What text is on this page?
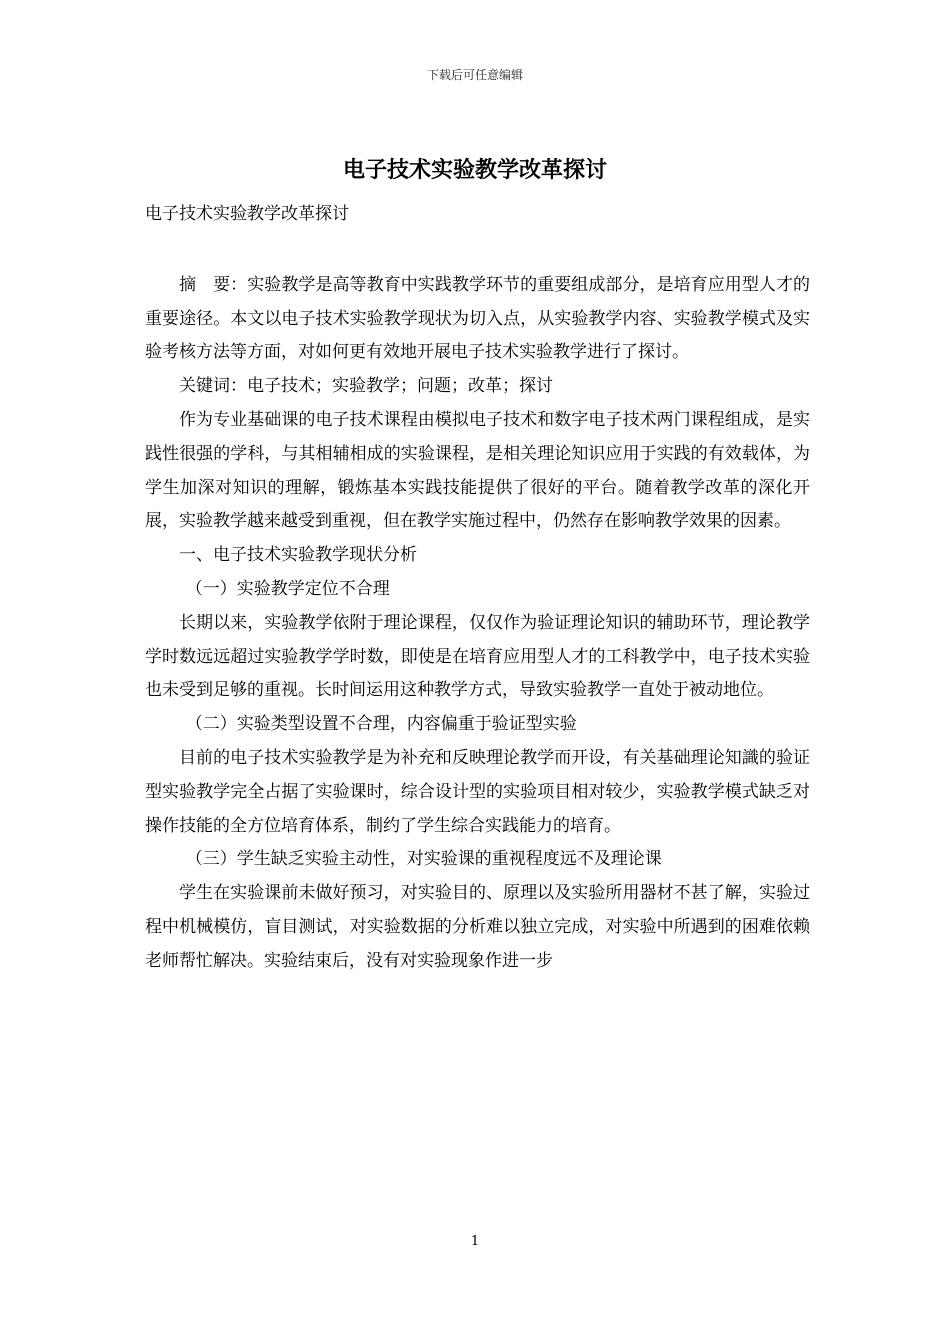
下载后可任意编辑
电子技术实验教学改革探讨

电子技术实验教学改革探讨

摘　要：实验教学是高等教育中实践教学环节的重要组成部分，是培育应用型人才的重要途径。本文以电子技术实验教学现状为切入点，从实验教学内容、实验教学模式及实验考核方法等方面，对如何更有效地开展电子技术实验教学进行了探讨。

关键词：电子技术；实验教学；问题；改革；探讨

作为专业基础课的电子技术课程由模拟电子技术和数字电子技术两门课程组成，是实践性很强的学科，与其相辅相成的实验课程，是相关理论知识应用于实践的有效载体，为学生加深对知识的理解，锻炼基本实践技能提供了很好的平台。随着教学改革的深化开展，实验教学越来越受到重视，但在教学实施过程中，仍然存在影响教学效果的因素。

一、电子技术实验教学现状分析

（一）实验教学定位不合理

长期以来，实验教学依附于理论课程，仅仅作为验证理论知识的辅助环节，理论教学学时数远远超过实验教学学时数，即使是在培育应用型人才的工科教学中，电子技术实验也未受到足够的重视。长时间运用这种教学方式，导致实验教学一直处于被动地位。

（二）实验类型设置不合理，内容偏重于验证型实验

目前的电子技术实验教学是为补充和反映理论教学而开设，有关基础理论知識的验证型实验教学完全占据了实验课时，综合设计型的实验项目相对较少，实验教学模式缺乏对操作技能的全方位培育体系，制约了学生综合实践能力的培育。

（三）学生缺乏实验主动性，对实验课的重视程度远不及理论课

学生在实验课前未做好预习，对实验目的、原理以及实验所用器材不甚了解，实验过程中机械模仿，盲目测试，对实验数据的分析难以独立完成，对实验中所遇到的困难依赖老师帮忙解决。实验结束后，没有对实验现象作进一步

1
